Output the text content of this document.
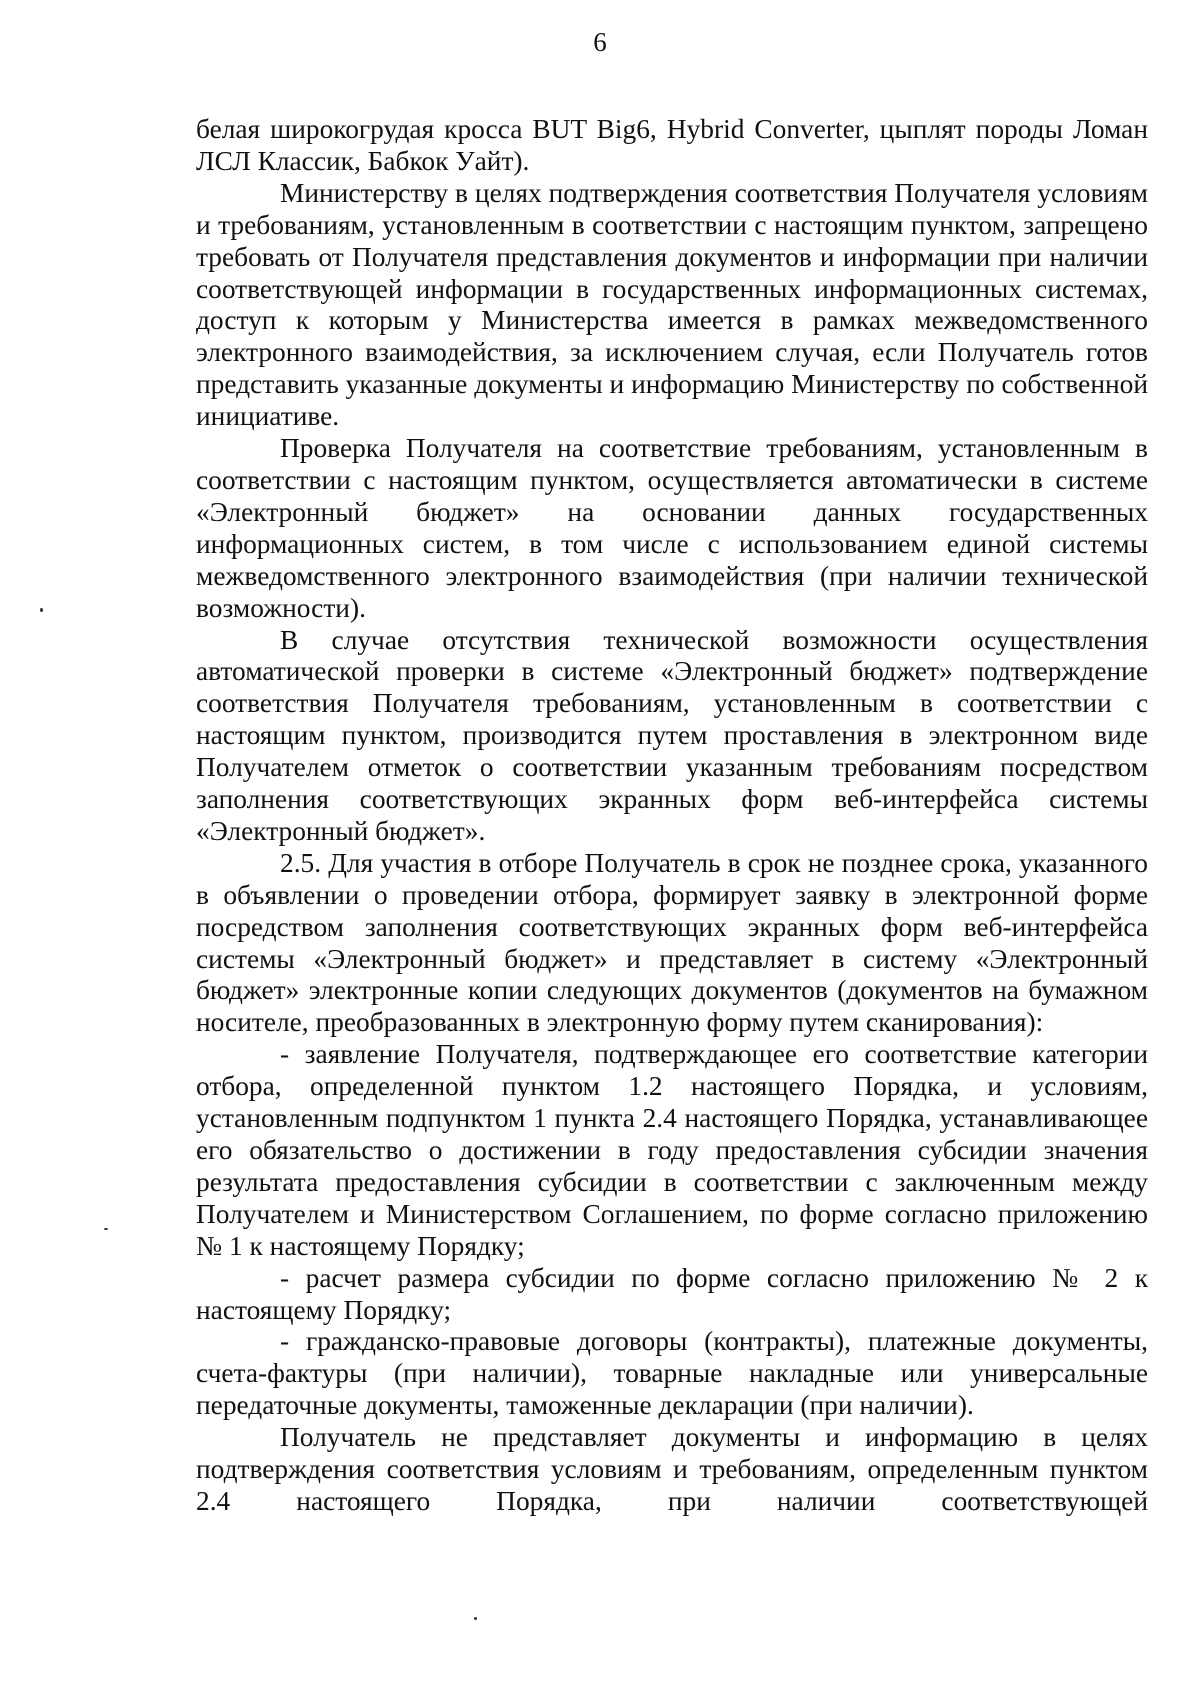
6

белая широкогрудая кросса BUT Big6, Hybrid Converter, цыплят породы Ломан ЛСЛ Классик, Бабкок Уайт).

Министерству в целях подтверждения соответствия Получателя условиям и требованиям, установленным в соответствии с настоящим пунктом, запрещено требовать от Получателя представления документов и информации при наличии соответствующей информации в государственных информационных системах, доступ к которым у Министерства имеется в рамках межведомственного электронного взаимодействия, за исключением случая, если Получатель готов представить указанные документы и информацию Министерству по собственной инициативе.

Проверка Получателя на соответствие требованиям, установленным в соответствии с настоящим пунктом, осуществляется автоматически в системе «Электронный бюджет» на основании данных государственных информационных систем, в том числе с использованием единой системы межведомственного электронного взаимодействия (при наличии технической возможности).

В случае отсутствия технической возможности осуществления автоматической проверки в системе «Электронный бюджет» подтверждение соответствия Получателя требованиям, установленным в соответствии с настоящим пунктом, производится путем проставления в электронном виде Получателем отметок о соответствии указанным требованиям посредством заполнения соответствующих экранных форм веб-интерфейса системы «Электронный бюджет».

2.5. Для участия в отборе Получатель в срок не позднее срока, указанного в объявлении о проведении отбора, формирует заявку в электронной форме посредством заполнения соответствующих экранных форм веб-интерфейса системы «Электронный бюджет» и представляет в систему «Электронный бюджет» электронные копии следующих документов (документов на бумажном носителе, преобразованных в электронную форму путем сканирования):

- заявление Получателя, подтверждающее его соответствие категории отбора, определенной пунктом 1.2 настоящего Порядка, и условиям, установленным подпунктом 1 пункта 2.4 настоящего Порядка, устанавливающее его обязательство о достижении в году предоставления субсидии значения результата предоставления субсидии в соответствии с заключенным между Получателем и Министерством Соглашением, по форме согласно приложению № 1 к настоящему Порядку;

- расчет размера субсидии по форме согласно приложению № 2 к настоящему Порядку;

- гражданско-правовые договоры (контракты), платежные документы, счета-фактуры (при наличии), товарные накладные или универсальные передаточные документы, таможенные декларации (при наличии).

Получатель не представляет документы и информацию в целях подтверждения соответствия условиям и требованиям, определенным пунктом 2.4 настоящего Порядка, при наличии соответствующей
